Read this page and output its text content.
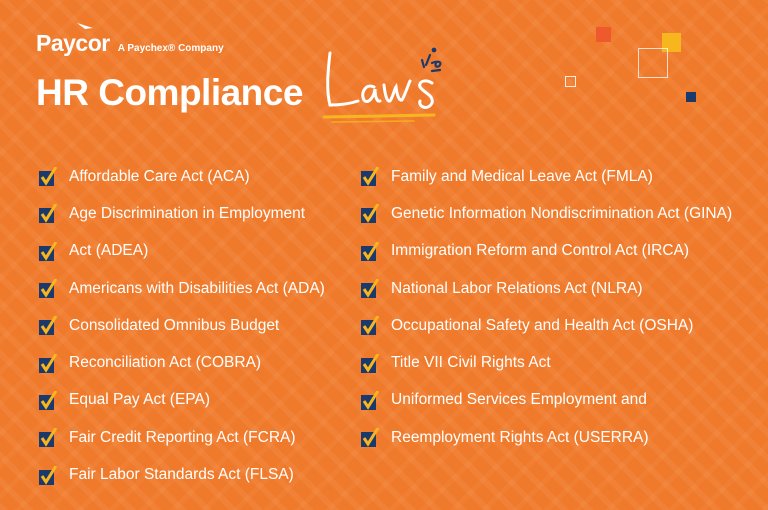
Paycor A Paychex® Company
HR Compliance
Affordable Care Act (ACA)
Age Discrimination in Employment
Act (ADEA)
Americans with Disabilities Act (ADA)
Consolidated Omnibus Budget
Reconciliation Act (COBRA)
Equal Pay Act (EPA)
Fair Credit Reporting Act (FCRA)
Fair Labor Standards Act (FLSA)
Family and Medical Leave Act (FMLA)
Genetic Information Nondiscrimination Act (GINA)
Immigration Reform and Control Act (IRCA)
National Labor Relations Act (NLRA)
Occupational Safety and Health Act (OSHA)
Title VII Civil Rights Act
Uniformed Services Employment and
Reemployment Rights Act (USERRA)
